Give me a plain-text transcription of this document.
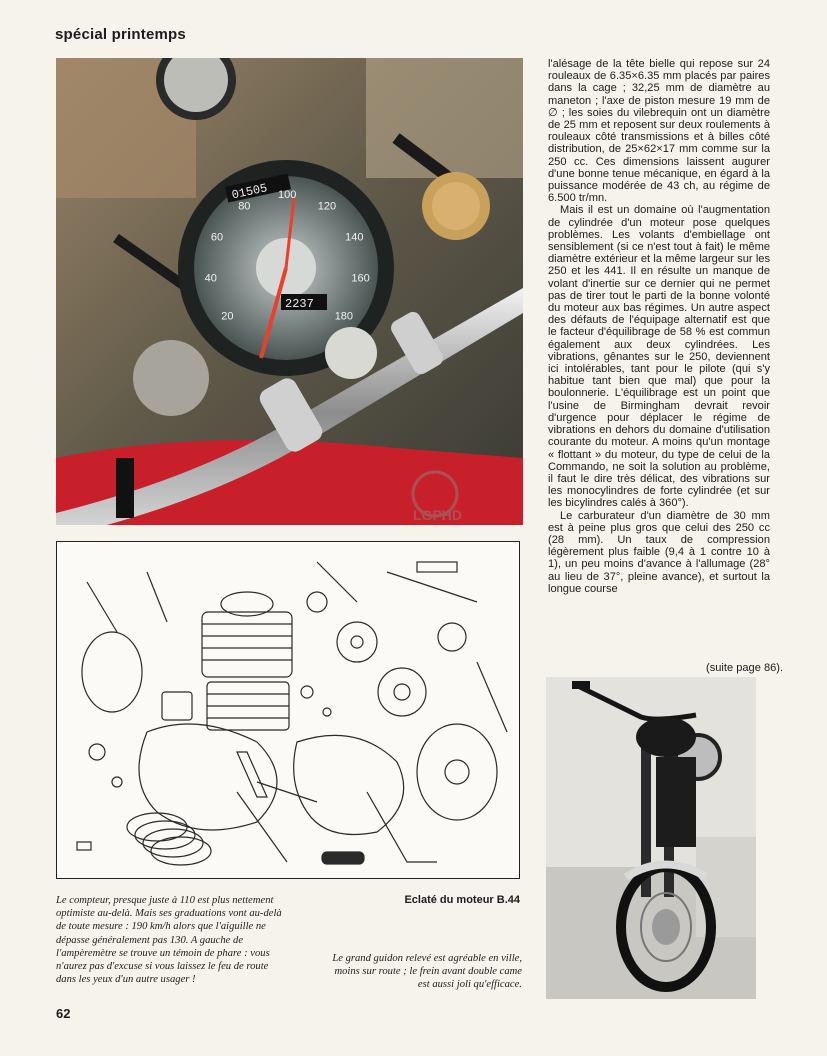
spécial printemps
01505
2237
20
40
60
80
100
120
140
160
180
LGPHD

l'alésage de la tête bielle qui repose sur 24 rouleaux de 6.35×6.35 mm placés par paires dans la cage ; 32,25 mm de diamètre au maneton ; l'axe de piston mesure 19 mm de ∅ ; les soies du vilebrequin ont un diamètre de 25 mm et reposent sur deux roulements à rouleaux côté transmissions et à billes côté distribution, de 25×62×17 mm comme sur la 250 cc. Ces dimensions laissent augurer d'une bonne tenue mécanique, en égard à la puissance modérée de 43 ch, au régime de 6.500 tr/mn.

Mais il est un domaine où l'augmentation de cylindrée d'un moteur pose quelques problèmes. Les volants d'embiellage ont sensiblement (si ce n'est tout à fait) le même diamètre extérieur et la même largeur sur les 250 et les 441. Il en résulte un manque de volant d'inertie sur ce dernier qui ne permet pas de tirer tout le parti de la bonne volonté du moteur aux bas régimes. Un autre aspect des défauts de l'équipage alternatif est que le facteur d'équilibrage de 58 % est commun également aux deux cylindrées. Les vibrations, gênantes sur le 250, deviennent ici intolérables, tant pour le pilote (qui s'y habitue tant bien que mal) que pour la boulonnerie. L'équilibrage est un point que l'usine de Birmingham devrait revoir d'urgence pour déplacer le régime de vibrations en dehors du domaine d'utilisation courante du moteur. A moins qu'un montage « flottant » du moteur, du type de celui de la Commando, ne soit la solution au problème, il faut le dire très délicat, des vibrations sur les monocylindres de forte cylindrée (et sur les bicylindres calés à 360°).

Le carburateur d'un diamètre de 30 mm est à peine plus gros que celui des 250 cc (28 mm). Un taux de compression légèrement plus faible (9,4 à 1 contre 10 à 1), un peu moins d'avance à l'allumage (28° au lieu de 37°, pleine avance), et surtout la longue course

(suite page 86).
Le compteur, presque juste à 110 est plus nettement optimiste au-delà. Mais ses graduations vont au-delà de toute mesure : 190 km/h alors que l'aiguille ne dépasse généralement pas 130. A gauche de l'ampèremètre se trouve un témoin de phare : vous n'aurez pas d'excuse si vous laissez le feu de route dans les yeux d'un autre usager !
Eclaté du moteur B.44
Le grand guidon relevé est agréable en ville, moins sur route ; le frein avant double came est aussi joli qu'efficace.
62
